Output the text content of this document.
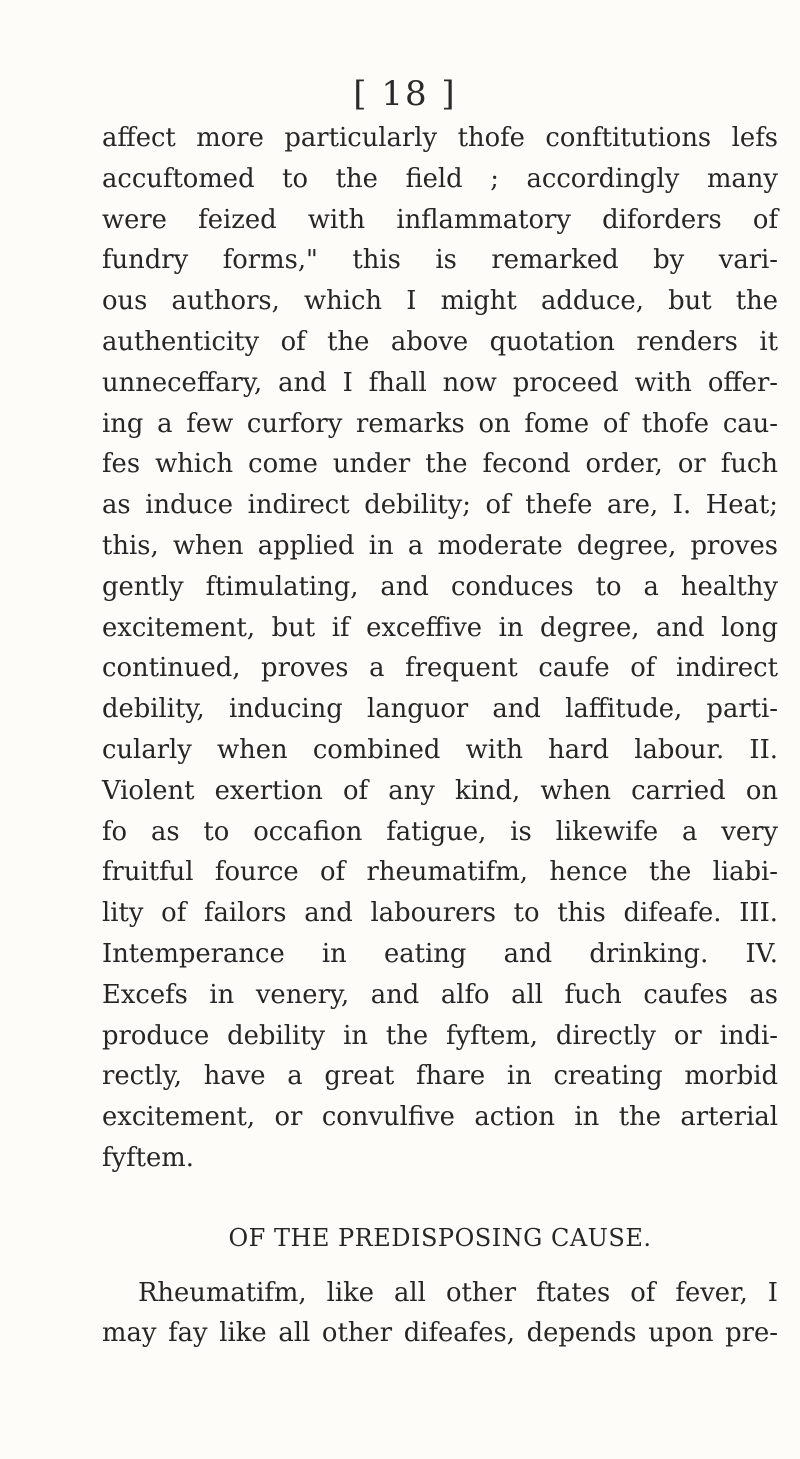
[ 18 ]
affect more particularly thofe conftitutions lefs
accuftomed to the field ; accordingly many
were feized with inflammatory diforders of
fundry forms," this is remarked by vari-
ous authors, which I might adduce, but the
authenticity of the above quotation renders it
unneceffary, and I fhall now proceed with offer-
ing a few curfory remarks on fome of thofe cau-
fes which come under the fecond order, or fuch
as induce indirect debility; of thefe are, I. Heat;
this, when applied in a moderate degree, proves
gently ftimulating, and conduces to a healthy
excitement, but if exceffive in degree, and long
continued, proves a frequent caufe of indirect
debility, inducing languor and laffitude, parti-
cularly when combined with hard labour. II.
Violent exertion of any kind, when carried on
fo as to occafion fatigue, is likewife a very
fruitful fource of rheumatifm, hence the liabi-
lity of failors and labourers to this difeafe. III.
Intemperance in eating and drinking. IV.
Excefs in venery, and alfo all fuch caufes as
produce debility in the fyftem, directly or indi-
rectly, have a great fhare in creating morbid
excitement, or convulfive action in the arterial
fyftem.
OF THE PREDISPOSING CAUSE.
Rheumatifm, like all other ftates of fever, I
may fay like all other difeafes, depends upon pre-
